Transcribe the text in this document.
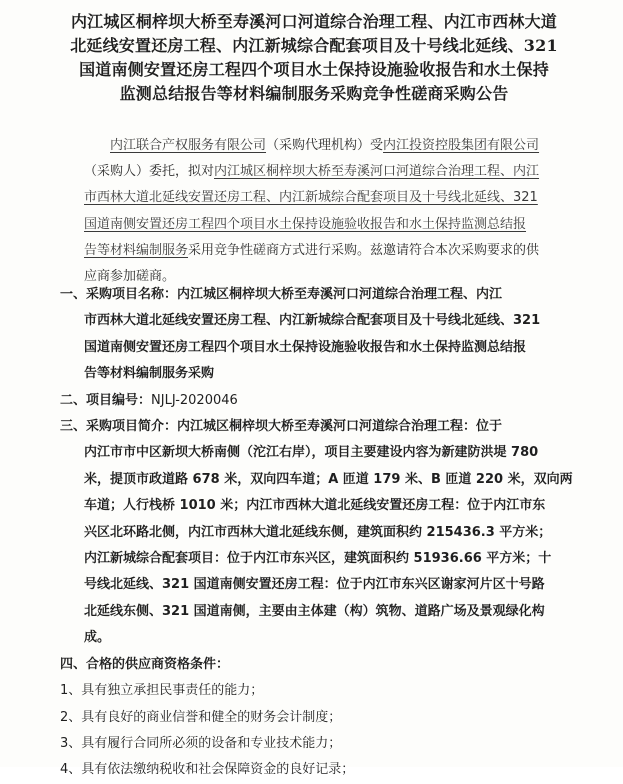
内江城区桐梓坝大桥至寿溪河口河道综合治理工程、内江市西林大道
北延线安置还房工程、内江新城综合配套项目及十号线北延线、321
国道南侧安置还房工程四个项目水土保持设施验收报告和水土保持
监测总结报告等材料编制服务采购竞争性磋商采购公告
内江联合产权服务有限公司（采购代理机构）受内江投资控股集团有限公司
（采购人）委托，拟对内江城区桐梓坝大桥至寿溪河口河道综合治理工程、内江
市西林大道北延线安置还房工程、内江新城综合配套项目及十号线北延线、321
国道南侧安置还房工程四个项目水土保持设施验收报告和水土保持监测总结报
告等材料编制服务采用竞争性磋商方式进行采购。兹邀请符合本次采购要求的供
应商参加磋商。
一、采购项目名称：内江城区桐梓坝大桥至寿溪河口河道综合治理工程、内江
市西林大道北延线安置还房工程、内江新城综合配套项目及十号线北延线、321
国道南侧安置还房工程四个项目水土保持设施验收报告和水土保持监测总结报
告等材料编制服务采购
二、项目编号：NJLJ-2020046
三、采购项目简介：内江城区桐梓坝大桥至寿溪河口河道综合治理工程：位于
内江市市中区新坝大桥南侧（沱江右岸），项目主要建设内容为新建防洪堤 780
米，提顶市政道路 678 米，双向四车道；A 匝道 179 米、B 匝道 220 米，双向两
车道；人行栈桥 1010 米；内江市西林大道北延线安置还房工程：位于内江市东
兴区北环路北侧，内江市西林大道北延线东侧，建筑面积约 215436.3 平方米；
内江新城综合配套项目：位于内江市东兴区，建筑面积约 51936.66 平方米；十
号线北延线、321 国道南侧安置还房工程：位于内江市东兴区谢家河片区十号路
北延线东侧、321 国道南侧，主要由主体建（构）筑物、道路广场及景观绿化构
成。
四、合格的供应商资格条件：
1、具有独立承担民事责任的能力；
2、具有良好的商业信誉和健全的财务会计制度；
3、具有履行合同所必须的设备和专业技术能力；
4、具有依法缴纳税收和社会保障资金的良好记录；
